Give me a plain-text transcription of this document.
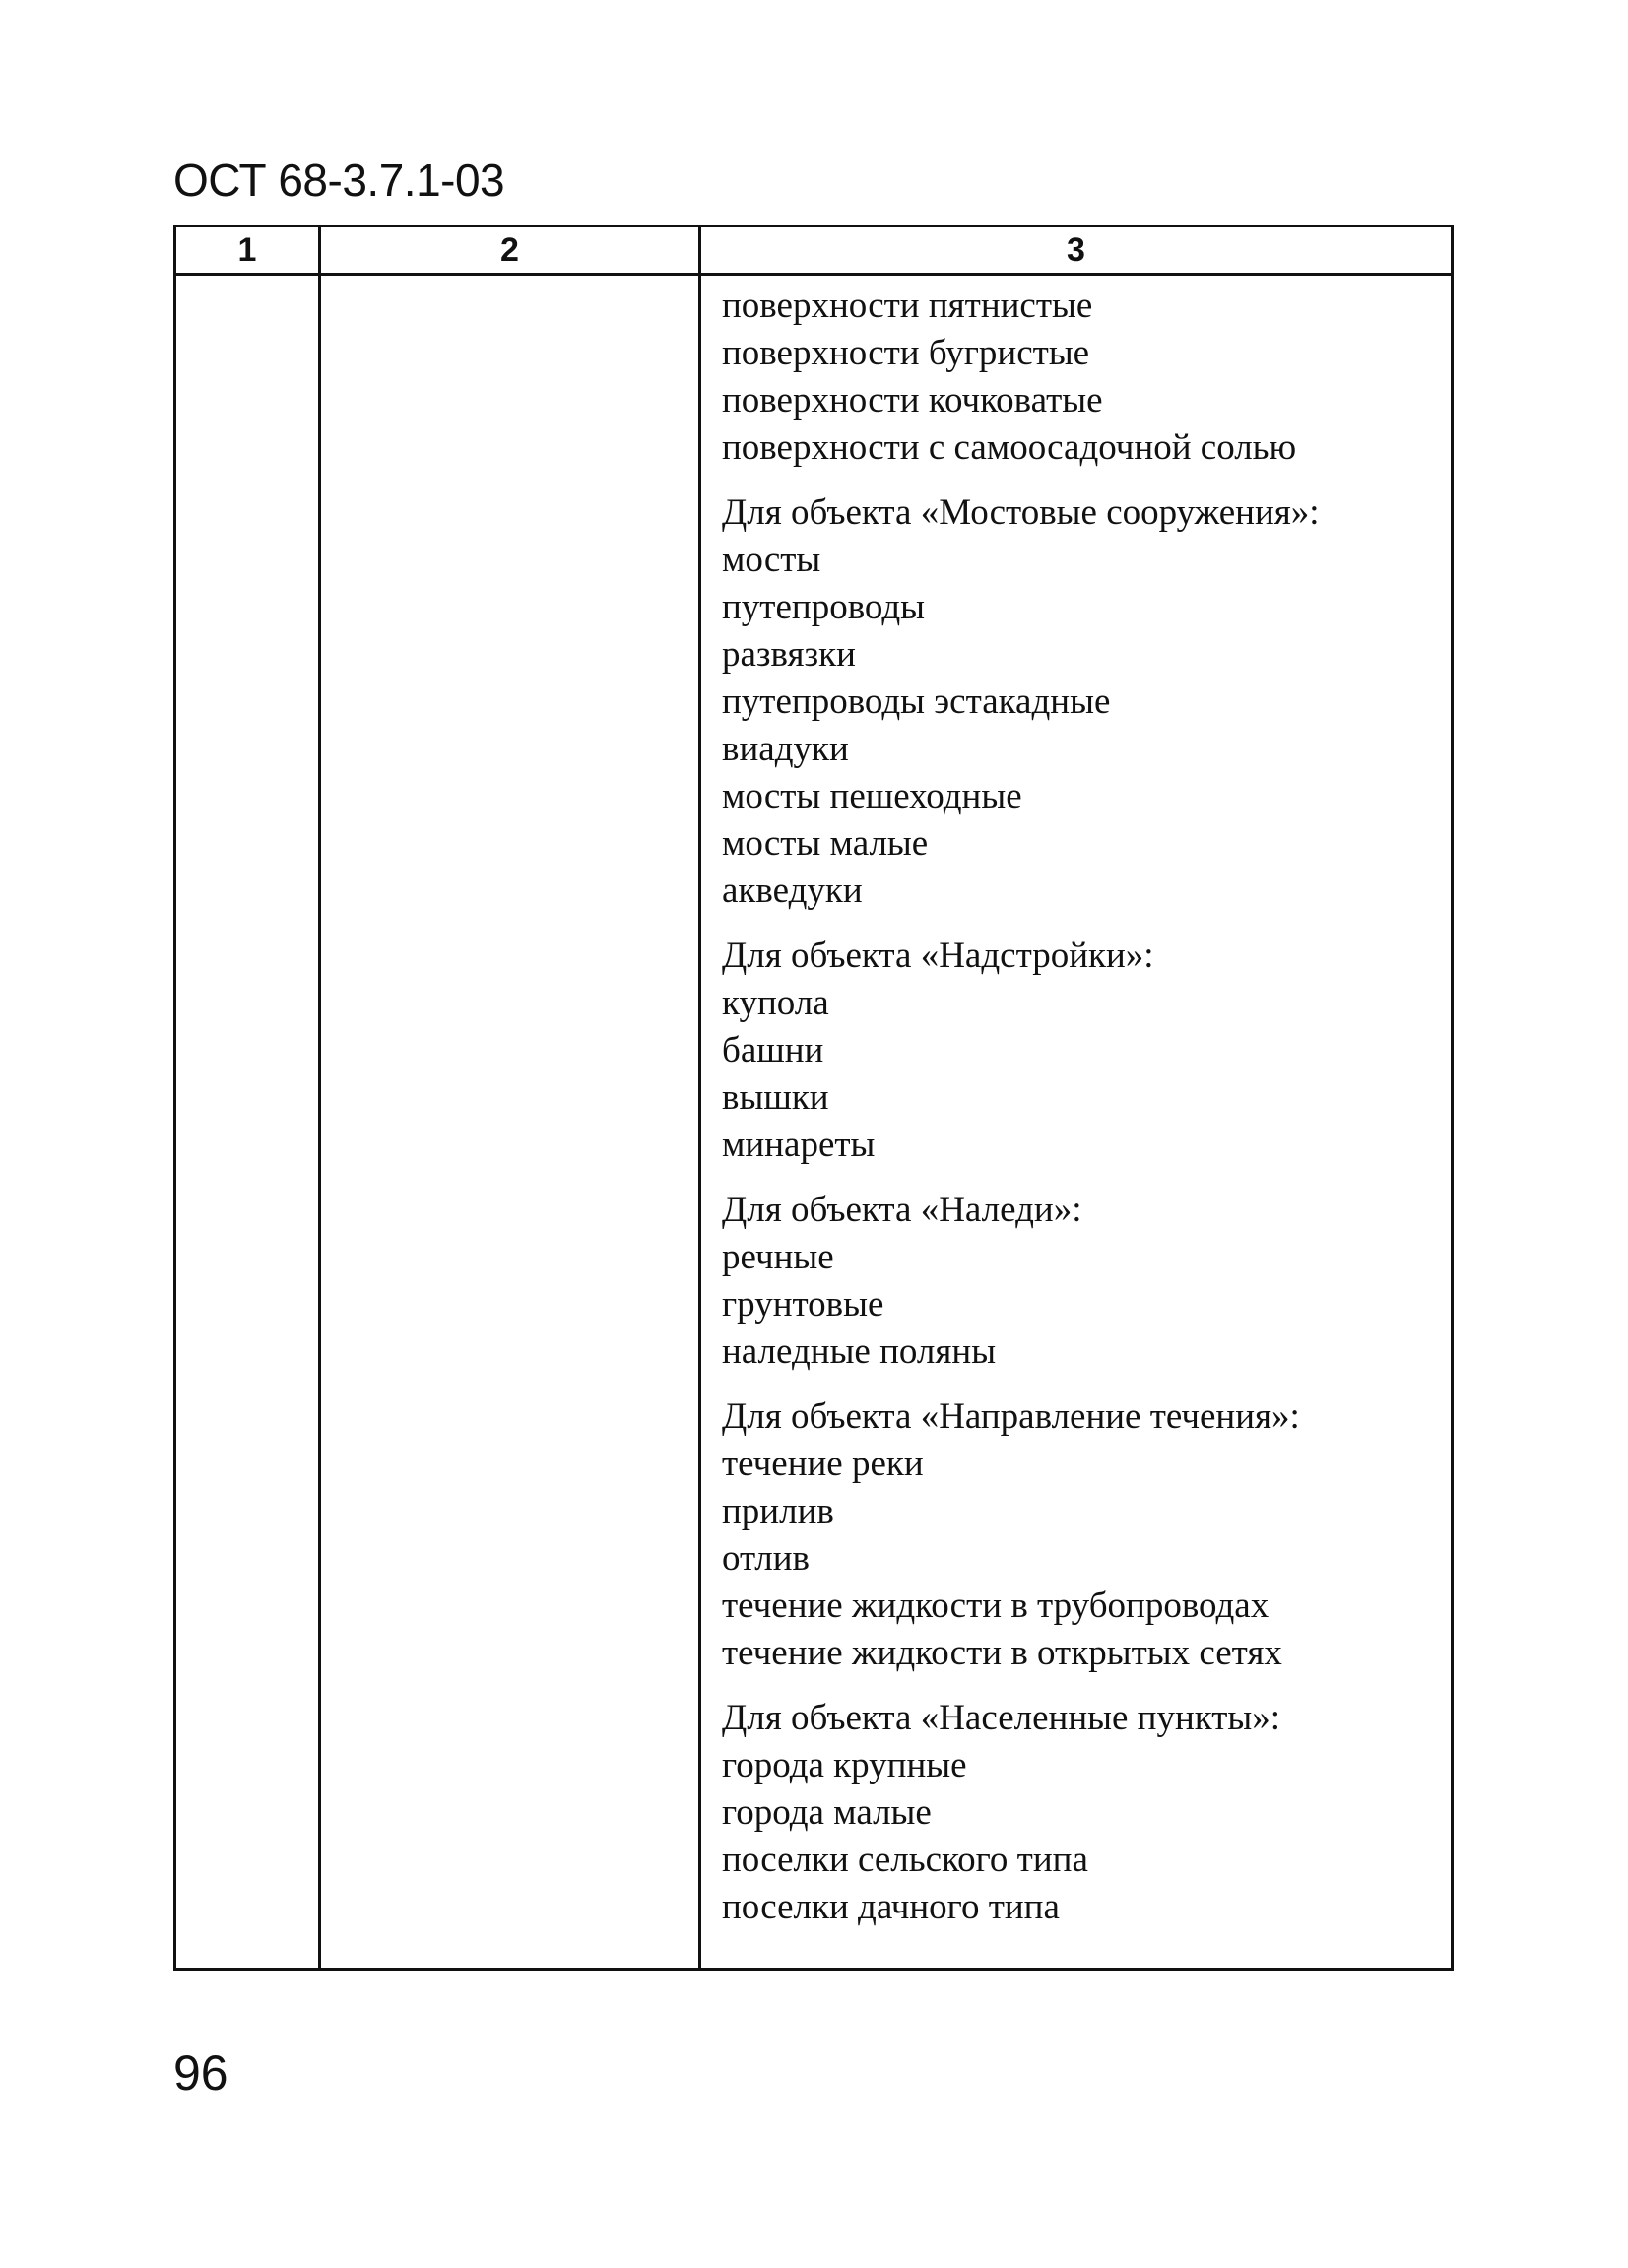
ОСТ 68-3.7.1-03
1	2	3
поверхности пятнистые
поверхности бугристые
поверхности кочковатые
поверхности с самоосадочной солью
Для объекта «Мостовые сооружения»:
мосты
путепроводы
развязки
путепроводы эстакадные
виадуки
мосты пешеходные
мосты малые
акведуки
Для объекта «Надстройки»:
купола
башни
вышки
минареты
Для объекта «Наледи»:
речные
грунтовые
наледные поляны
Для объекта «Направление течения»:
течение реки
прилив
отлив
течение жидкости в трубопроводах
течение жидкости в открытых сетях
Для объекта «Населенные пункты»:
города крупные
города малые
поселки сельского типа
поселки дачного типа
96
